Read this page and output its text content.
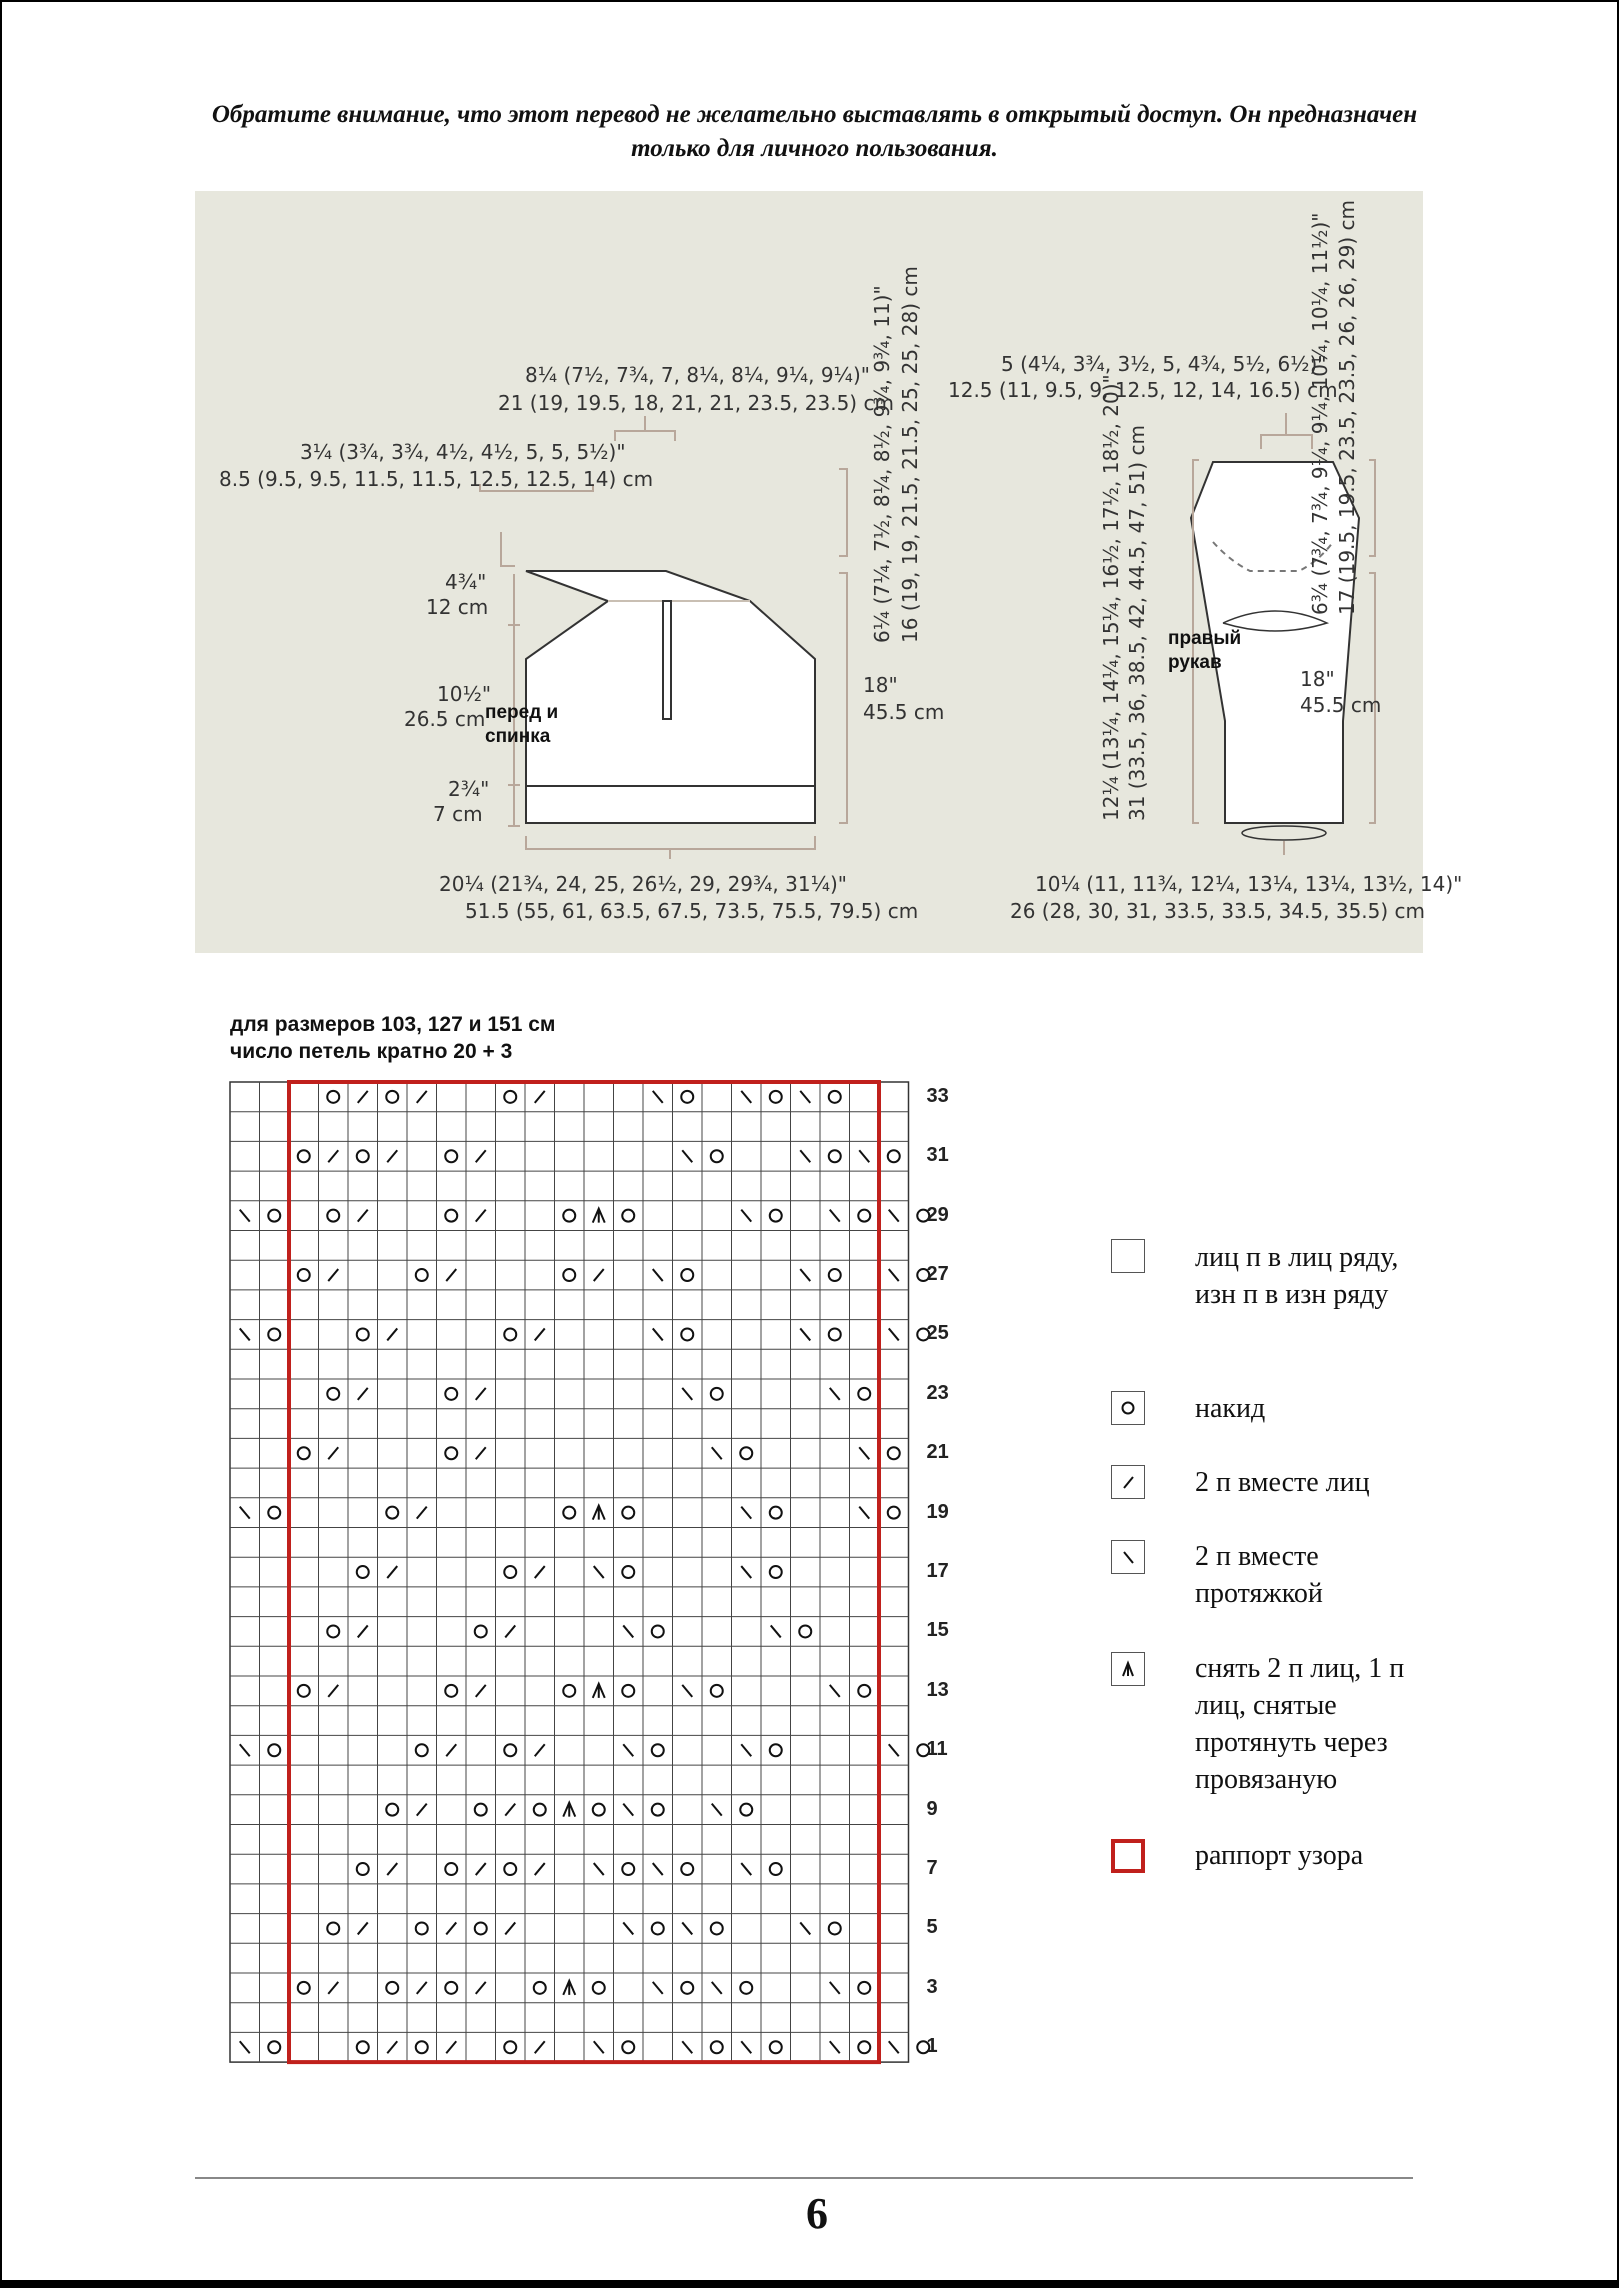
Обратите внимание, что этот перевод не желательно выставлять в открытый доступ. Он предназначен только для личного пользования.
перед и
спинка
8¼ (7½, 7¾, 7, 8¼, 8¼, 9¼, 9¼)"
21 (19, 19.5, 18, 21, 21, 23.5, 23.5) cm
3¼ (3¾, 3¾, 4½, 4½, 5, 5, 5½)"
8.5 (9.5, 9.5, 11.5, 11.5, 12.5, 12.5, 14) cm
4¾"
12 cm
10½"
26.5 cm
2¾"
7 cm
18"
45.5 cm
20¼ (21¾, 24, 25, 26½, 29, 29¾, 31¼)"
51.5 (55, 61, 63.5, 67.5, 73.5, 75.5, 79.5) cm
6¼ (7¼, 7½, 8¼, 8½, 9¾, 9¾, 11)" 16 (19, 19, 21.5, 21.5, 25, 25, 28) cm	правый
рукав
5 (4¼, 3¾, 3½, 5, 4¾, 5½, 6½)"
12.5 (11, 9.5, 9, 12.5, 12, 14, 16.5) cm
6¾ (7¾, 7¾, 9¼, 9¼, 10¼, 10¼, 11½)" 17 (19.5, 19.5, 23.5, 23.5, 26, 26, 29) cm
12¼ (13¼, 14¼, 15¼, 16½, 17½, 18½, 20)" 31 (33.5, 36, 38.5, 42, 44.5, 47, 51) cm	18"
45.5 cm
10¼ (11, 11¾, 12¼, 13¼, 13¼, 13½, 14)"
26 (28, 30, 31, 33.5, 33.5, 34.5, 35.5) cm
для размеров 103, 127 и 151 см
число петель кратно 20 + 3
33
31
29
27
25
23
21
19
17
15
13
11
9
7
5
3
1
лиц п в лиц ряду, изн п в изн ряду
накид
2 п вместе лиц
2 п вместе протяжкой
снять 2 п лиц, 1 п лиц, снятые протянуть через провязаную
раппорт узора
6
